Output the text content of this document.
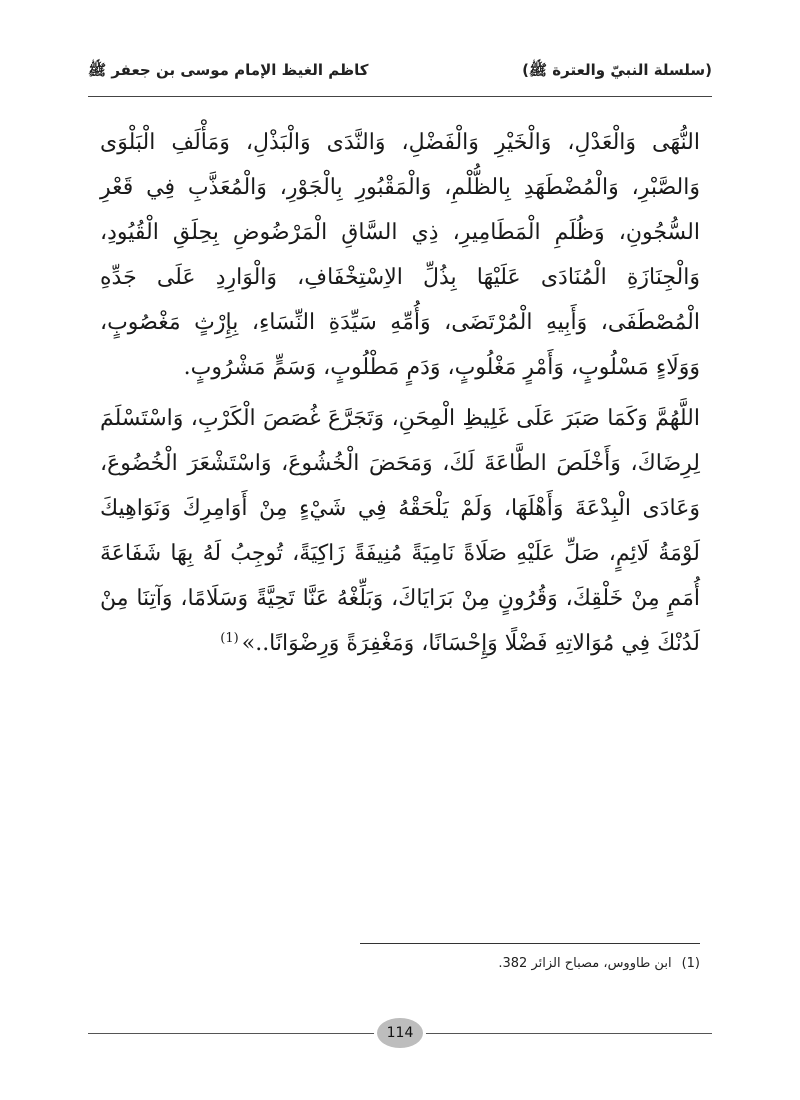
(سلسلة النبيّ والعترة ﷺ)
كاظم الغيظ الإمام موسى بن جعفر ﷺ

النُّهَى وَالْعَدْلِ، وَالْخَيْرِ وَالْفَضْلِ، وَالنَّدَى وَالْبَذْلِ، وَمَأْلَفِ الْبَلْوَى وَالصَّبْرِ، وَالْمُضْطَهَدِ بِالظُّلْمِ، وَالْمَقْبُورِ بِالْجَوْرِ، وَالْمُعَذَّبِ فِي قَعْرِ السُّجُونِ، وَظُلَمِ الْمَطَامِيرِ، ذِي السَّاقِ الْمَرْضُوضِ بِحِلَقِ الْقُيُودِ، وَالْجِنَازَةِ الْمُنَادَى عَلَيْهَا بِذُلِّ الاِسْتِخْفَافِ، وَالْوَارِدِ عَلَى جَدِّهِ الْمُصْطَفَى، وَأَبِيهِ الْمُرْتَضَى، وَأُمِّهِ سَيِّدَةِ النِّسَاءِ، بِإِرْثٍ مَغْصُوبٍ، وَوَلَاءٍ مَسْلُوبٍ، وَأَمْرٍ مَغْلُوبٍ، وَدَمٍ مَطْلُوبٍ، وَسَمٍّ مَشْرُوبٍ.

اللَّهُمَّ وَكَمَا صَبَرَ عَلَى غَلِيظِ الْمِحَنِ، وَتَجَرَّعَ غُصَصَ الْكَرْبِ، وَاسْتَسْلَمَ لِرِضَاكَ، وَأَخْلَصَ الطَّاعَةَ لَكَ، وَمَحَضَ الْخُشُوعَ، وَاسْتَشْعَرَ الْخُضُوعَ، وَعَادَى الْبِدْعَةَ وَأَهْلَهَا، وَلَمْ يَلْحَقْهُ فِي شَيْءٍ مِنْ أَوَامِرِكَ وَنَوَاهِيكَ لَوْمَةُ لَائِمٍ، صَلِّ عَلَيْهِ صَلَاةً نَامِيَةً مُنِيفَةً زَاكِيَةً، تُوجِبُ لَهُ بِهَا شَفَاعَةَ أُمَمٍ مِنْ خَلْقِكَ، وَقُرُونٍ مِنْ بَرَايَاكَ، وَبَلِّغْهُ عَنَّا تَحِيَّةً وَسَلَامًا، وَآتِنَا مِنْ لَدُنْكَ فِي مُوَالاتِهِ فَضْلًا وَإِحْسَانًا، وَمَغْفِرَةً وَرِضْوَانًا..»$^{(1)}$

(1)ابن طاووس، مصباح الزائر 382.
114
